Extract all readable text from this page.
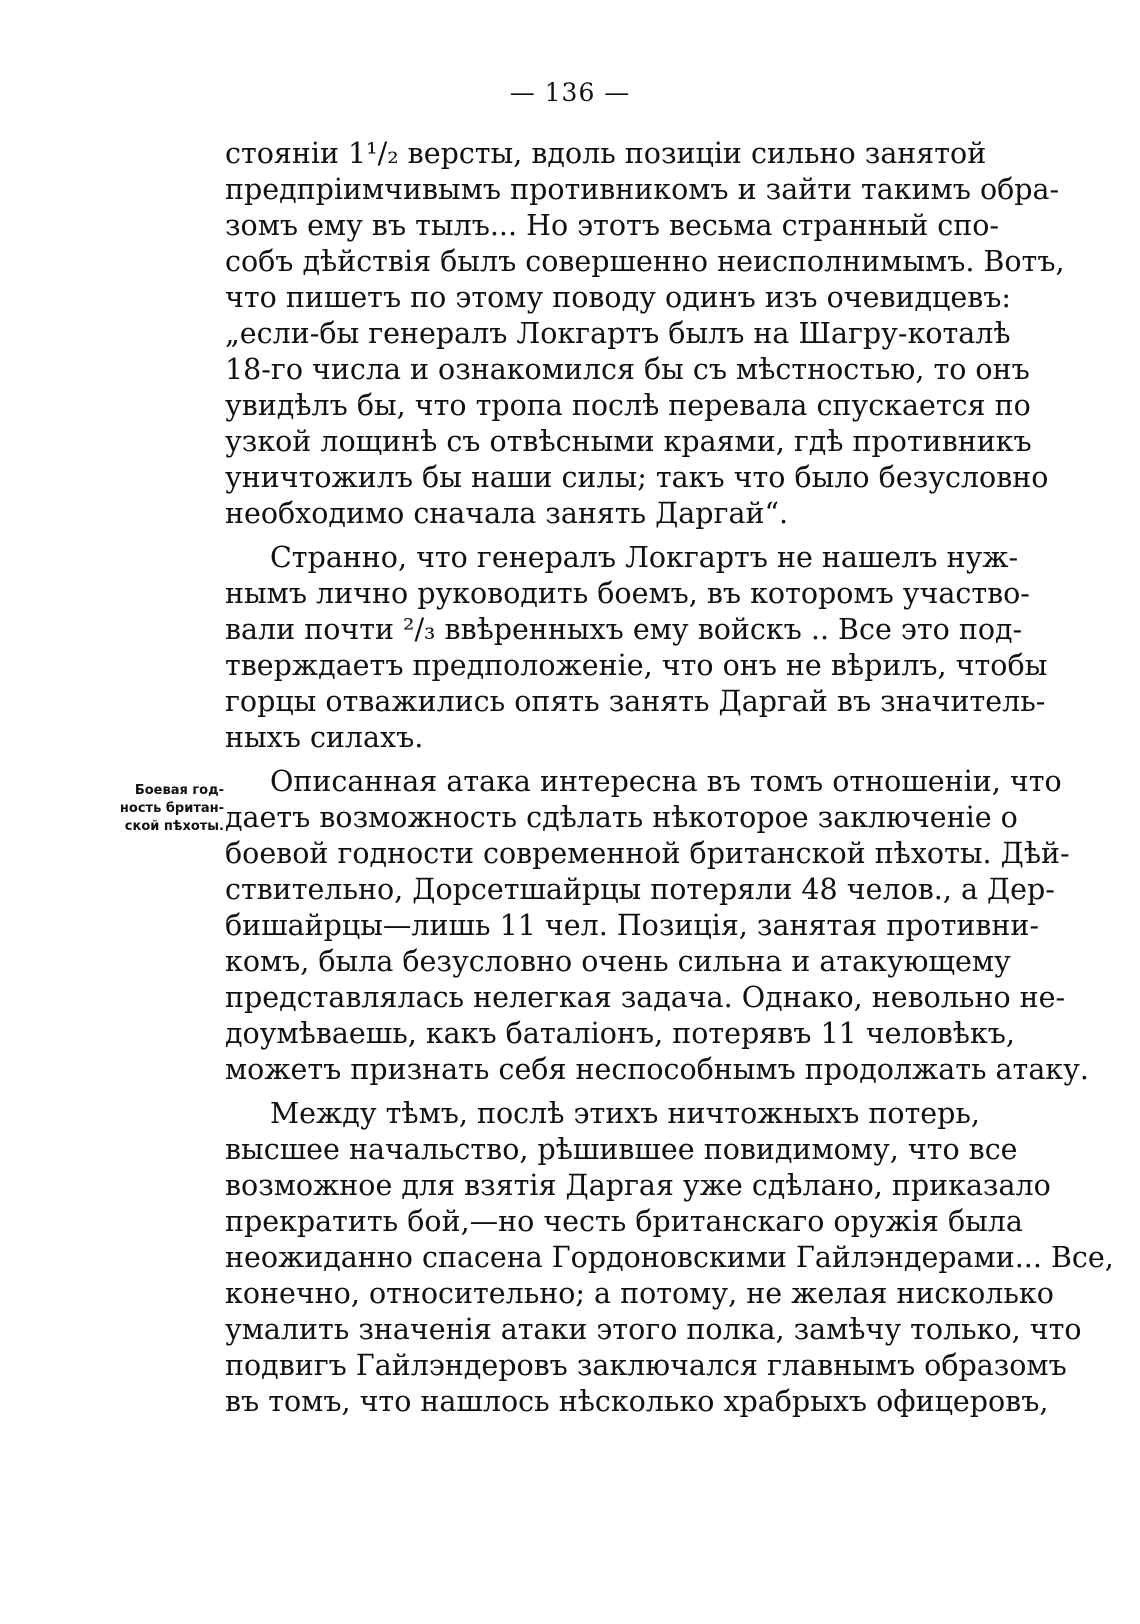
— 136 —
Боевая год-
ность британ-
ской пѣхоты.
стояніи 1¹/₂ версты, вдоль позиціи сильно занятой
предпріимчивымъ противникомъ и зайти такимъ обра-
зомъ ему въ тылъ... Но этотъ весьма странный спо-
собъ дѣйствія былъ совершенно неисполнимымъ. Вотъ,
что пишетъ по этому поводу одинъ изъ очевидцевъ:
„если-бы генералъ Локгартъ былъ на Шагру-коталѣ
18-го числа и ознакомился бы съ мѣстностью, то онъ
увидѣлъ бы, что тропа послѣ перевала спускается по
узкой лощинѣ съ отвѣсными краями, гдѣ противникъ
уничтожилъ бы наши силы; такъ что было безусловно
необходимо сначала занять Даргай“.
Странно, что генералъ Локгартъ не нашелъ нуж-
нымъ лично руководить боемъ, въ которомъ участво-
вали почти ²/₃ ввѣренныхъ ему войскъ .. Все это под-
тверждаетъ предположеніе, что онъ не вѣрилъ, чтобы
горцы отважились опять занять Даргай въ значитель-
ныхъ силахъ.
Описанная атака интересна въ томъ отношеніи, что
даетъ возможность сдѣлать нѣкоторое заключеніе о
боевой годности современной британской пѣхоты. Дѣй-
ствительно, Дорсетшайрцы потеряли 48 челов., а Дер-
бишайрцы—лишь 11 чел. Позиція, занятая противни-
комъ, была безусловно очень сильна и атакующему
представлялась нелегкая задача. Однако, невольно не-
доумѣваешь, какъ баталіонъ, потерявъ 11 человѣкъ,
можетъ признать себя неспособнымъ продолжать атаку.
Между тѣмъ, послѣ этихъ ничтожныхъ потерь,
высшее начальство, рѣшившее повидимому, что все
возможное для взятія Даргая уже сдѣлано, приказало
прекратить бой,—но честь британскаго оружія была
неожиданно спасена Гордоновскими Гайлэндерами... Все,
конечно, относительно; а потому, не желая нисколько
умалить значенія атаки этого полка, замѣчу только, что
подвигъ Гайлэндеровъ заключался главнымъ образомъ
въ томъ, что нашлось нѣсколько храбрыхъ офицеровъ,
